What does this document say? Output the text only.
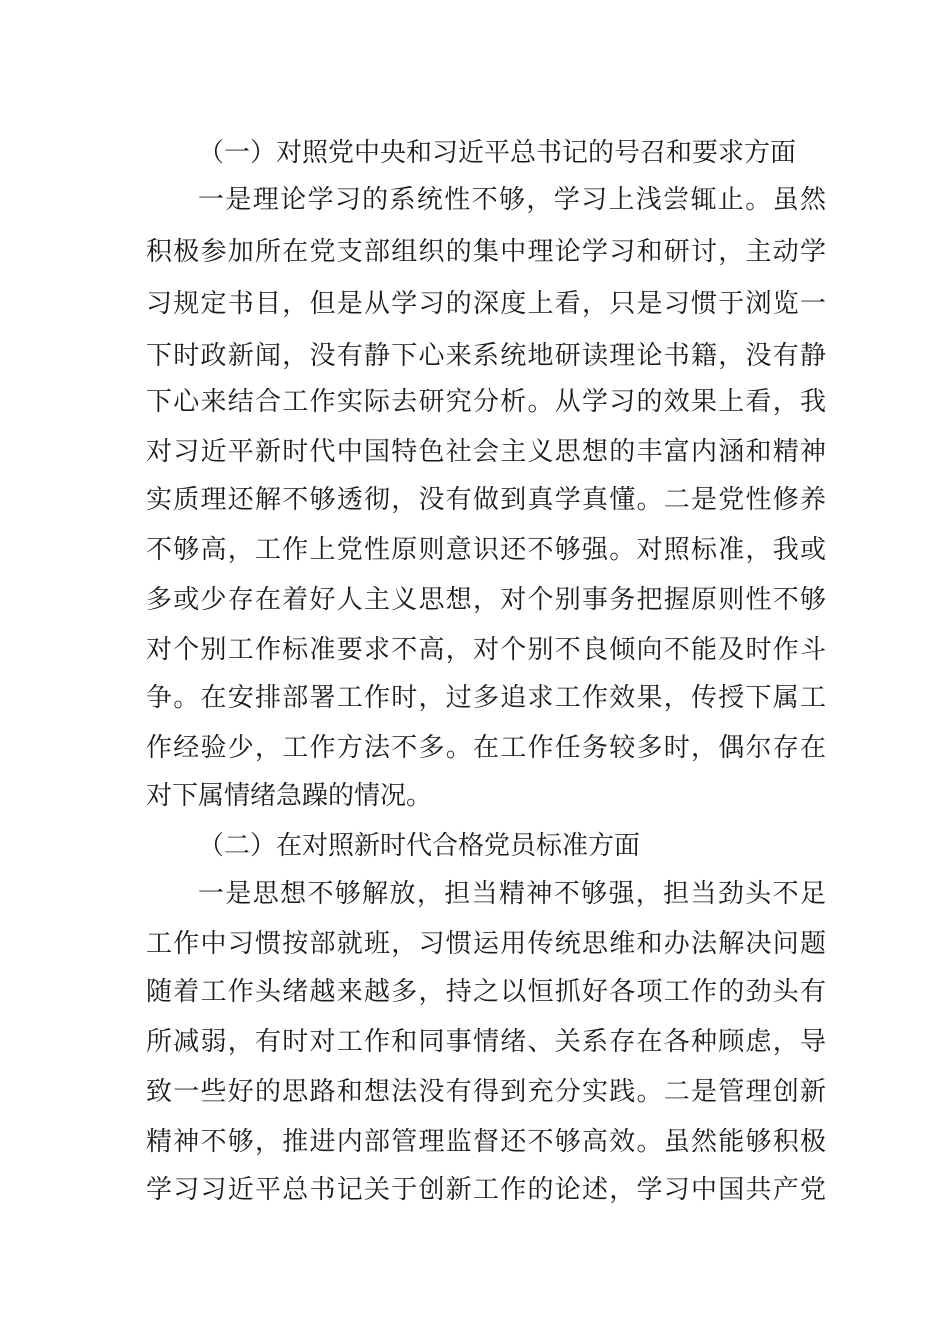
（一）对照党中央和习近平总书记的号召和要求方面
一是理论学习的系统性不够，学习上浅尝辄止。虽然
积极参加所在党支部组织的集中理论学习和研讨，主动学
习规定书目，但是从学习的深度上看，只是习惯于浏览一
下时政新闻，没有静下心来系统地研读理论书籍，没有静
下心来结合工作实际去研究分析。从学习的效果上看，我
对习近平新时代中国特色社会主义思想的丰富内涵和精神
实质理还解不够透彻，没有做到真学真懂。二是党性修养
不够高，工作上党性原则意识还不够强。对照标准，我或
多或少存在着好人主义思想，对个别事务把握原则性不够
对个别工作标准要求不高，对个别不良倾向不能及时作斗
争。在安排部署工作时，过多追求工作效果，传授下属工
作经验少，工作方法不多。在工作任务较多时，偶尔存在
对下属情绪急躁的情况。
（二）在对照新时代合格党员标准方面
一是思想不够解放，担当精神不够强，担当劲头不足
工作中习惯按部就班，习惯运用传统思维和办法解决问题
随着工作头绪越来越多，持之以恒抓好各项工作的劲头有
所减弱，有时对工作和同事情绪、关系存在各种顾虑，导
致一些好的思路和想法没有得到充分实践。二是管理创新
精神不够，推进内部管理监督还不够高效。虽然能够积极
学习习近平总书记关于创新工作的论述，学习中国共产党
